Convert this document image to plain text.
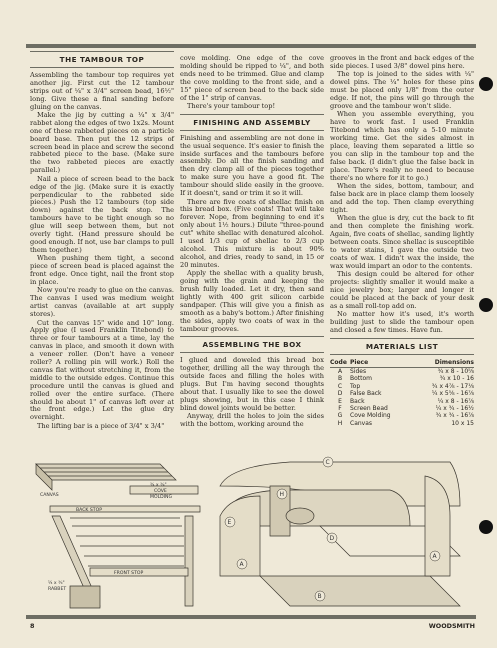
THE TAMBOUR TOP

Assembling the tambour top requires yet another jig. First cut the 12 tambour strips out of ¼" x 3/4" screen bead, 16½" long. Give these a final sanding before gluing on the canvas.

Make the jig by cutting a ¼" x 3/4" rabbet along the edges of two 1x2s. Mount one of these rabbeted pieces on a particle board base. Then put the 12 strips of screen bead in place and screw the second rabbeted piece to the base. (Make sure the two rabbeted pieces are exactly parallel.)

Nail a piece of screen bead to the back edge of the jig. (Make sure it is exactly perpendicular to the rabbeted side pieces.) Push the 12 tambours (top side down) against the back stop. The tambours have to be tight enough so no glue will seep between them, but not overly tight. (Hand pressure should be good enough. If not, use bar clamps to pull them together.)

When pushing them tight, a second piece of screen bead is placed against the front edge. Once tight, nail the front stop in place.

Now you're ready to glue on the canvas. The canvas I used was medium weight artist canvas (available at art supply stores).

Cut the canvas 15" wide and 10" long. Apply glue (I used Franklin Titebond) to three or four tambours at a time, lay the canvas in place, and smooth it down with a veneer roller. (Don't have a veneer roller? A rolling pin will work.) Roll the canvas flat without stretching it, from the middle to the outside edges. Continue this procedure until the canvas is glued and rolled over the entire surface. (There should be about 1" of canvas left over at the front edge.) Let the glue dry overnight.

The lifting bar is a piece of 3/4" x 3/4"

cove molding. One edge of the cove molding should be ripped to ¼", and both ends need to be trimmed. Glue and clamp the cove molding to the front side, and a 15" piece of screen bead to the back side of the 1" strip of canvas.

There's your tambour top!

FINISHING AND ASSEMBLY

Finishing and assembling are not done in the usual sequence. It's easier to finish the inside surfaces and the tambours before assembly. Do all the finish sanding and then dry clamp all of the pieces together to make sure you have a good fit. The tambour should slide easily in the groove. If it doesn't, sand or trim it so it will.

There are five coats of shellac finish on this bread box. (Five coats! That will take forever. Nope, from beginning to end it's only about 1½ hours.) Dilute "three-pound cut" white shellac with denatured alcohol. I used 1/3 cup of shellac to 2/3 cup alcohol. This mixture is about 90% alcohol, and dries, ready to sand, in 15 or 20 minutes.

Apply the shellac with a quality brush, going with the grain and keeping the brush fully loaded. Let it dry, then sand lightly with 400 grit silicon carbide sandpaper. (This will give you a finish as smooth as a baby's bottom.) After finishing the sides, apply two coats of wax in the tambour grooves.

ASSEMBLING THE BOX

I glued and doweled this bread box together, drilling all the way through the outside faces and filling the holes with plugs. But I'm having second thoughts about that. I usually like to see the dowel plugs showing, but in this case I think blind dowel joints would be better.

Anyway, drill the holes to join the sides with the bottom, working around the

grooves in the front and back edges of the side pieces. I used 3/8" dowel pins here.

The top is joined to the sides with ¼" dowel pins. The ¼" holes for these pins must be placed only 1/8" from the outer edge. If not, the pins will go through the groove and the tambour won't slide.

When you assemble everything, you have to work fast. I used Franklin Titebond which has only a 5-10 minute working time. Get the sides almost in place, leaving them separated a little so you can slip in the tambour top and the false back. (I didn't glue the false back in place. There's really no need to because there's no where for it to go.)

When the sides, bottom, tambour, and false back are in place clamp them loosely and add the top. Then clamp everything tight.

When the glue is dry, cut the back to fit and then complete the finishing work. Again, five coats of shellac, sanding lightly between coats. Since shellac is susceptible to water stains, I gave the outside two coats of wax. I didn't wax the inside, the wax would impart an odor to the contents.

This design could be altered for other projects: slightly smaller it would make a nice jewelry box; larger and longer it could be placed at the back of your desk as a small roll-top add on.

No matter how it's used, it's worth building just to slide the tambour open and closed a few times. Have fun.

MATERIALS LIST
Code	Piece	Dimensions
A	Sides	¾ x 8 - 10⅝
B	Bottom	¾ x 10 - 16
C	Top	¾ x 4⅞ - 17⅛
D	False Back	¼ x 5⅝ - 16⅞
E	Back	¼ x 8 - 16⅞
F	Screen Bead	¼ x ¾ - 16½
G	Cove Molding	¾ x ¾ - 16⅞
H	Canvas	10 x 15
CANVAS
¾ x ¾"
COVE
MOLDING
BACK STOP
FRONT STOP
¼ x ¾"
RABBET
C
H
E
D
A
B
A
8	WOODSMITH
